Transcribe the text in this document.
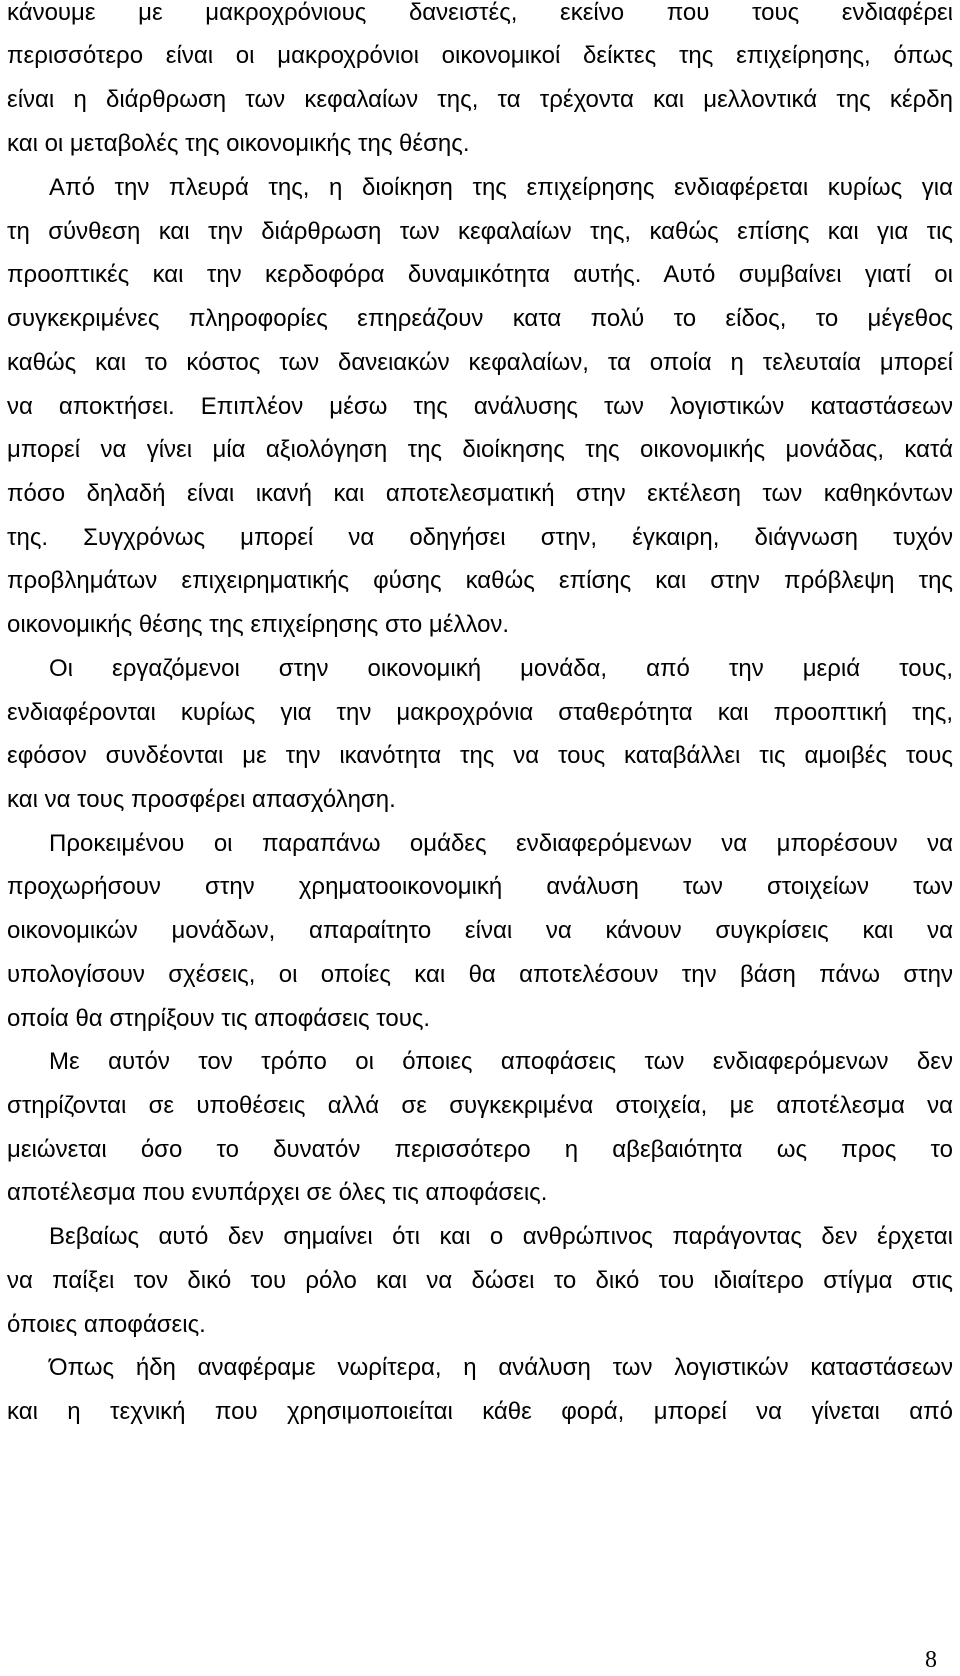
κάνουμε με μακροχρόνιους δανειστές, εκείνο που τους ενδιαφέρει
περισσότερο είναι οι μακροχρόνιοι οικονομικοί δείκτες της επιχείρησης, όπως
είναι η διάρθρωση των κεφαλαίων της, τα τρέχοντα και μελλοντικά της κέρδη
και οι μεταβολές της οικονομικής της θέσης.
Από την πλευρά της, η διοίκηση της επιχείρησης ενδιαφέρεται κυρίως για
τη σύνθεση και την διάρθρωση των κεφαλαίων της, καθώς επίσης και για τις
προοπτικές και την κερδοφόρα δυναμικότητα αυτής. Αυτό συμβαίνει γιατί οι
συγκεκριμένες πληροφορίες επηρεάζουν κατα πολύ το είδος, το μέγεθος
καθώς και το κόστος των δανειακών κεφαλαίων, τα οποία η τελευταία μπορεί
να αποκτήσει. Επιπλέον μέσω της ανάλυσης των λογιστικών καταστάσεων
μπορεί να γίνει μία αξιολόγηση της διοίκησης της οικονομικής μονάδας, κατά
πόσο δηλαδή είναι ικανή και αποτελεσματική στην εκτέλεση των καθηκόντων
της. Συγχρόνως μπορεί να οδηγήσει στην, έγκαιρη, διάγνωση τυχόν
προβλημάτων επιχειρηματικής φύσης καθώς επίσης και στην πρόβλεψη της
οικονομικής θέσης της επιχείρησης στο μέλλον.
Οι εργαζόμενοι στην οικονομική μονάδα, από την μεριά τους,
ενδιαφέρονται κυρίως για την μακροχρόνια σταθερότητα και προοπτική της,
εφόσον συνδέονται με την ικανότητα της να τους καταβάλλει τις αμοιβές τους
και να τους προσφέρει απασχόληση.
Προκειμένου οι παραπάνω ομάδες ενδιαφερόμενων να μπορέσουν να
προχωρήσουν στην χρηματοοικονομική ανάλυση των στοιχείων των
οικονομικών μονάδων, απαραίτητο είναι να κάνουν συγκρίσεις και να
υπολογίσουν σχέσεις, οι οποίες και θα αποτελέσουν την βάση πάνω στην
οποία θα στηρίξουν τις αποφάσεις τους.
Με αυτόν τον τρόπο οι όποιες αποφάσεις των ενδιαφερόμενων δεν
στηρίζονται σε υποθέσεις αλλά σε συγκεκριμένα στοιχεία, με αποτέλεσμα να
μειώνεται όσο το δυνατόν περισσότερο η αβεβαιότητα ως προς το
αποτέλεσμα που ενυπάρχει σε όλες τις αποφάσεις.
Βεβαίως αυτό δεν σημαίνει ότι και ο ανθρώπινος παράγοντας δεν έρχεται
να παίξει τον δικό του ρόλο και να δώσει το δικό του ιδιαίτερο στίγμα στις
όποιες αποφάσεις.
Όπως ήδη αναφέραμε νωρίτερα, η ανάλυση των λογιστικών καταστάσεων
και η τεχνική που χρησιμοποιείται κάθε φορά, μπορεί να γίνεται από
8
